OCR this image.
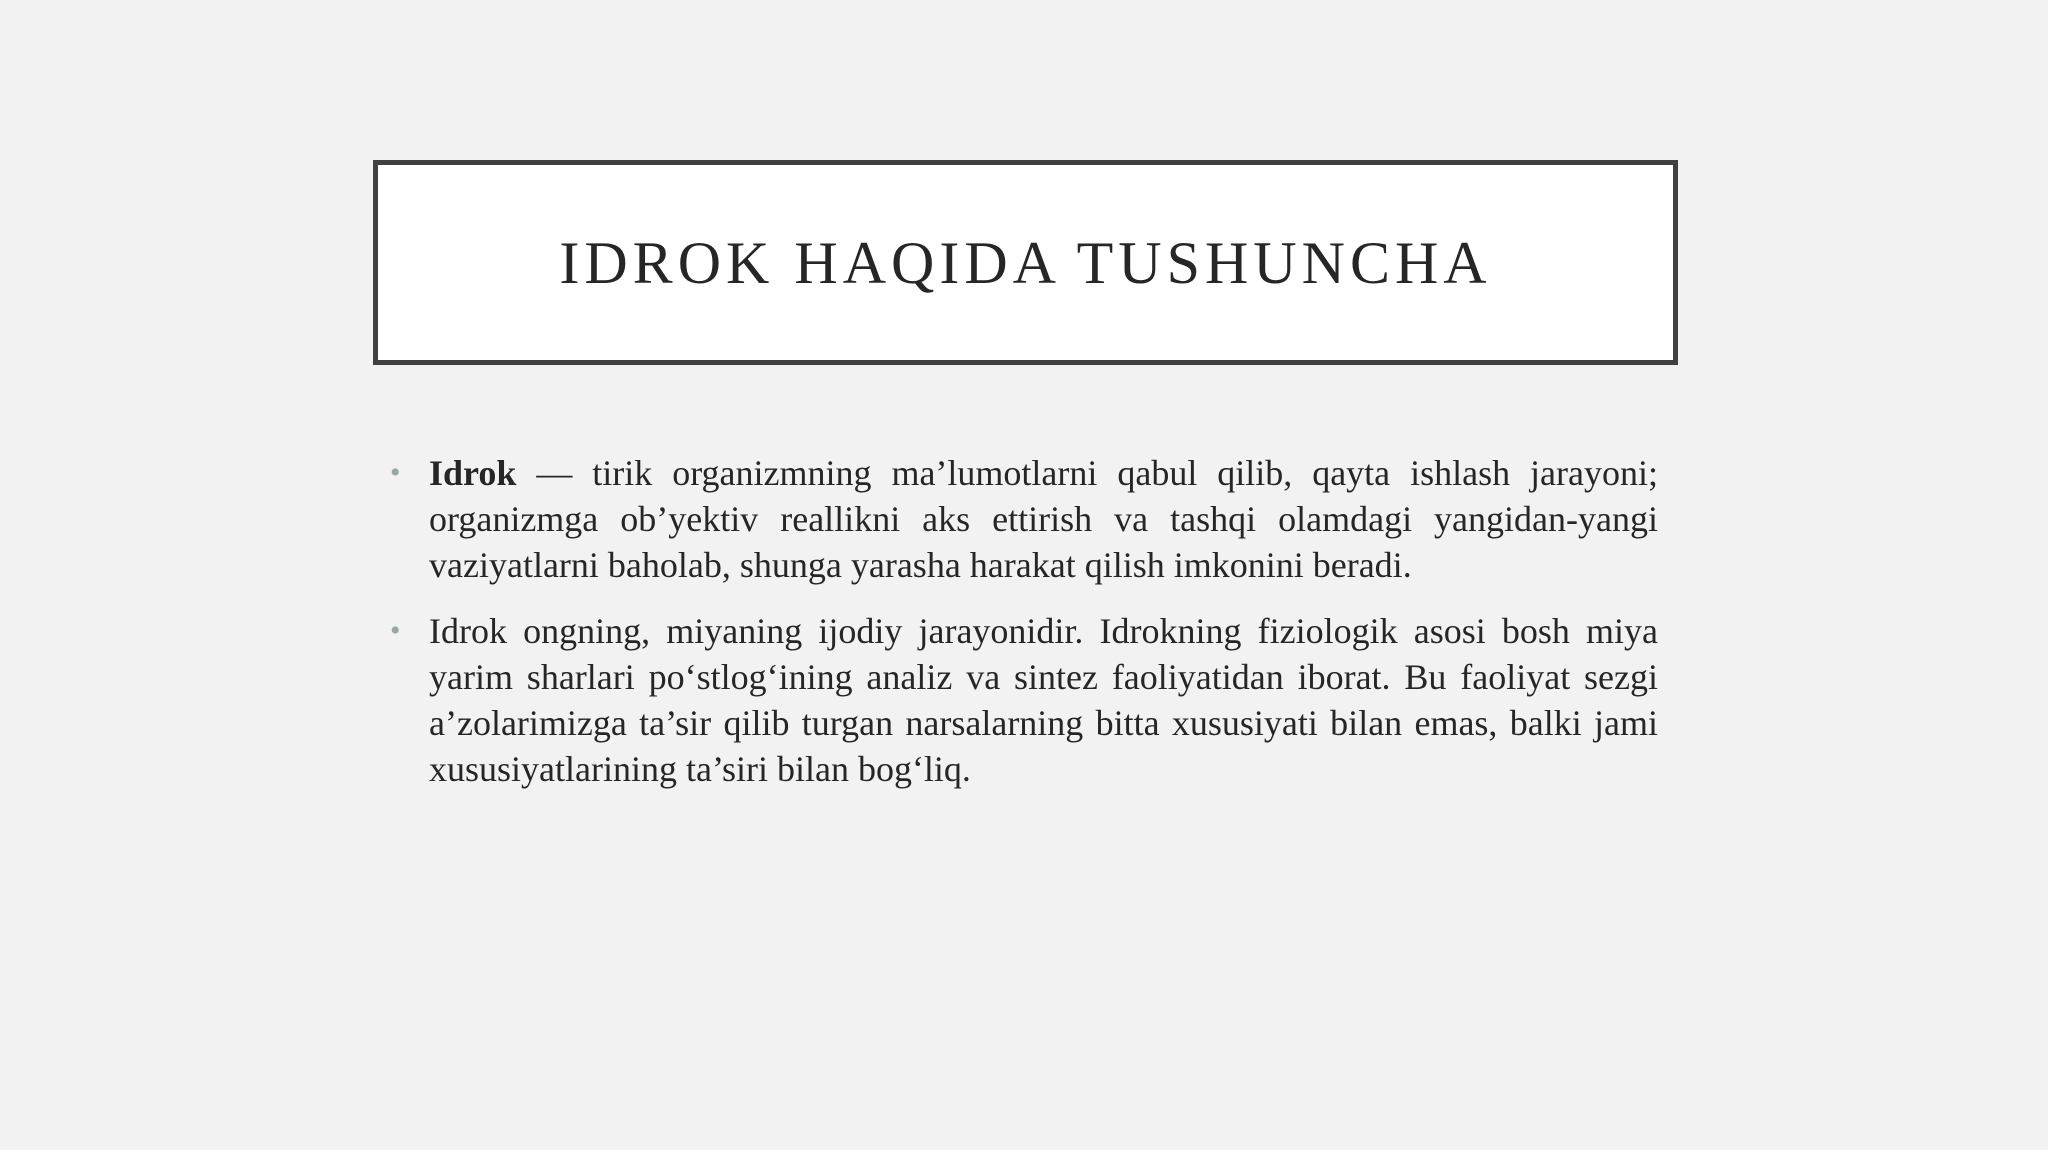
IDROK HAQIDA TUSHUNCHA
• Idrok — tirik organizmning ma’lumotlarni qabul qilib, qayta ishlash jarayoni; organizmga ob’yektiv reallikni aks ettirish va tashqi olamdagi yangidan-yangi vaziyatlarni baholab, shunga yarasha harakat qilish imkonini beradi.

• Idrok ongning, miyaning ijodiy jarayonidir. Idrokning fiziologik asosi bosh miya yarim sharlari po‘stlog‘ining analiz va sintez faoliyatidan iborat. Bu faoliyat sezgi a’zolarimizga ta’sir qilib turgan narsalarning bitta xususiyati bilan emas, balki jami xususiyatlarining ta’siri bilan bog‘liq.
